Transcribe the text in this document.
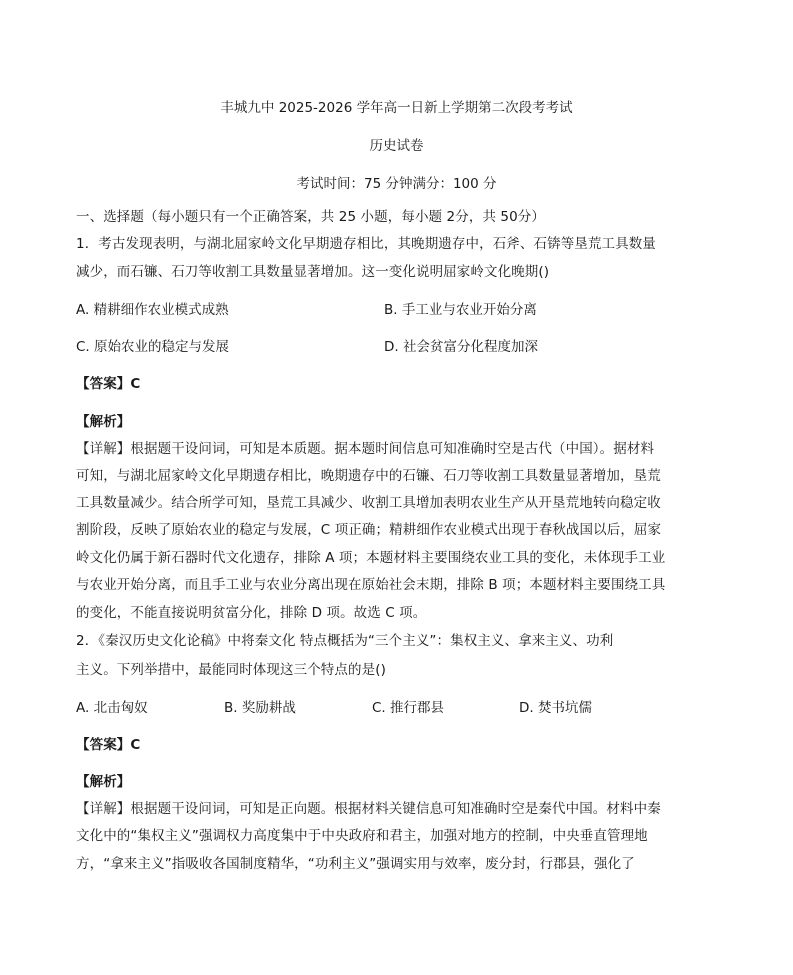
丰城九中 2025-2026 学年高一日新上学期第二次段考考试
历史试卷
考试时间：75 分钟满分：100 分
一、选择题（每小题只有一个正确答案，共 25 小题，每小题 2分，共 50分）
1．考古发现表明，与湖北屈家岭文化早期遗存相比，其晚期遗存中，石斧、石锛等垦荒工具数量
减少，而石镰、石刀等收割工具数量显著增加。这一变化说明屈家岭文化晚期()
A. 精耕细作农业模式成熟	B. 手工业与农业开始分离
C. 原始农业的稳定与发展	D. 社会贫富分化程度加深
【答案】C
【解析】
【详解】根据题干设问词，可知是本质题。据本题时间信息可知准确时空是古代（中国）。据材料
可知，与湖北屈家岭文化早期遗存相比，晚期遗存中的石镰、石刀等收割工具数量显著增加，垦荒
工具数量减少。结合所学可知，垦荒工具减少、收割工具增加表明农业生产从开垦荒地转向稳定收
割阶段，反映了原始农业的稳定与发展，C 项正确；精耕细作农业模式出现于春秋战国以后，屈家
岭文化仍属于新石器时代文化遗存，排除 A 项；本题材料主要围绕农业工具的变化，未体现手工业
与农业开始分离，而且手工业与农业分离出现在原始社会末期，排除 B 项；本题材料主要围绕工具
的变化，不能直接说明贫富分化，排除 D 项。故选 C 项。
2．《秦汉历史文化论稿》中将秦文化 特点概括为“三个主义”：集权主义、拿来主义、功利
主义。下列举措中，最能同时体现这三个特点的是()
A. 北击匈奴	B. 奖励耕战	C. 推行郡县	D. 焚书坑儒
【答案】C
【解析】
【详解】根据题干设问词，可知是正向题。根据材料关键信息可知准确时空是秦代中国。材料中秦
文化中的“集权主义”强调权力高度集中于中央政府和君主，加强对地方的控制，中央垂直管理地
方，“拿来主义”指吸收各国制度精华，“功利主义”强调实用与效率，废分封，行郡县，强化了
